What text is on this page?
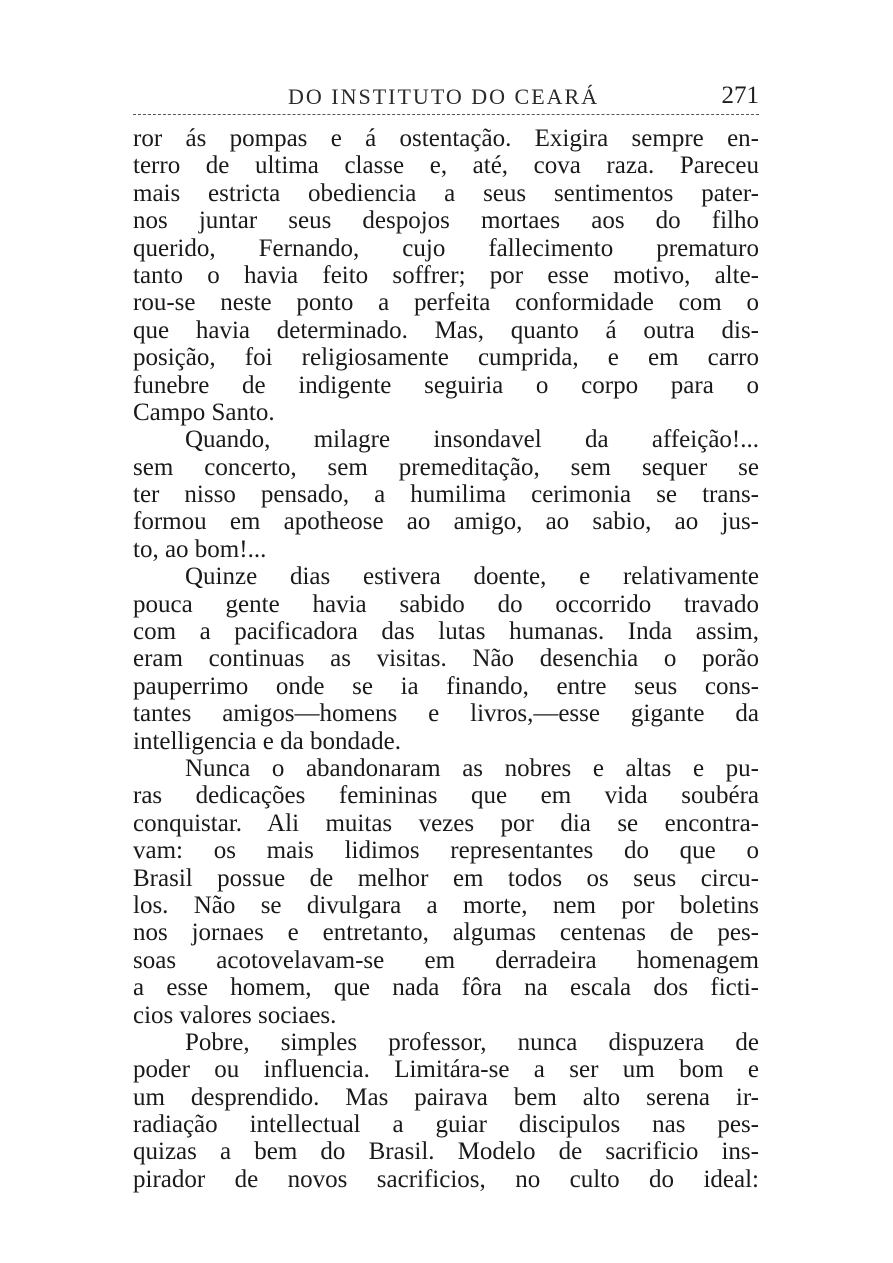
DO INSTITUTO DO CEARÁ	271
ror ás pompas e á ostentação. Exigira sempre en-
terro de ultima classe e, até, cova raza. Pareceu
mais estricta obediencia a seus sentimentos pater-
nos juntar seus despojos mortaes aos do filho
querido, Fernando, cujo fallecimento prematuro
tanto o havia feito soffrer; por esse motivo, alte-
rou-se neste ponto a perfeita conformidade com o
que havia determinado. Mas, quanto á outra dis-
posição, foi religiosamente cumprida, e em carro
funebre de indigente seguiria o corpo para o
Campo Santo.
Quando, milagre insondavel da affeição!...
sem concerto, sem premeditação, sem sequer se
ter nisso pensado, a humilima cerimonia se trans-
formou em apotheose ao amigo, ao sabio, ao jus-
to, ao bom!...
Quinze dias estivera doente, e relativamente
pouca gente havia sabido do occorrido travado
com a pacificadora das lutas humanas. Inda assim,
eram continuas as visitas. Não desenchia o porão
pauperrimo onde se ia finando, entre seus cons-
tantes amigos—homens e livros,—esse gigante da
intelligencia e da bondade.
Nunca o abandonaram as nobres e altas e pu-
ras dedicações femininas que em vida soubéra
conquistar. Ali muitas vezes por dia se encontra-
vam: os mais lidimos representantes do que o
Brasil possue de melhor em todos os seus circu-
los. Não se divulgara a morte, nem por boletins
nos jornaes e entretanto, algumas centenas de pes-
soas acotovelavam-se em derradeira homenagem
a esse homem, que nada fôra na escala dos ficti-
cios valores sociaes.
Pobre, simples professor, nunca dispuzera de
poder ou influencia. Limitára-se a ser um bom e
um desprendido. Mas pairava bem alto serena ir-
radiação intellectual a guiar discipulos nas pes-
quizas a bem do Brasil. Modelo de sacrificio ins-
pirador de novos sacrificios, no culto do ideal:
